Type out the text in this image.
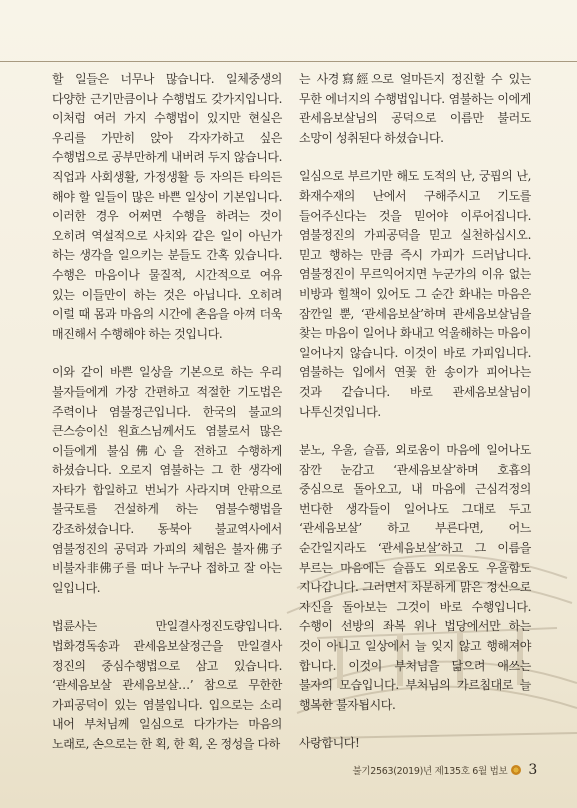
할 일들은 너무나 많습니다. 일체중생의 다양한 근기만큼이나 수행법도 갖가지입니다. 이처럼 여러 가지 수행법이 있지만 현실은 우리를 가만히 앉아 각자가하고 싶은 수행법으로 공부만하게 내버려 두지 않습니다. 직업과 사회생활, 가정생활 등 자의든 타의든 해야 할 일들이 많은 바쁜 일상이 기본입니다. 이러한 경우 어쩌면 수행을 하려는 것이 오히려 역설적으로 사치와 같은 일이 아닌가 하는 생각을 일으키는 분들도 간혹 있습니다. 수행은 마음이나 물질적, 시간적으로 여유 있는 이들만이 하는 것은 아닙니다. 오히려 이럴 때 몸과 마음의 시간에 촌음을 아껴 더욱 매진해서 수행해야 하는 것입니다.

이와 같이 바쁜 일상을 기본으로 하는 우리 불자들에게 가장 간편하고 적절한 기도법은 주력이나 염불정근입니다. 한국의 불교의 큰스승이신 원효스님께서도 염불로서 많은 이들에게 불심佛心을 전하고 수행하게 하셨습니다. 오로지 염불하는 그 한 생각에 자타가 합일하고 번뇌가 사라지며 안팎으로 불국토를 건설하게 하는 염불수행법을 강조하셨습니다. 동북아 불교역사에서 염불정진의 공덕과 가피의 체험은 불자佛子 비불자非佛子를 떠나 누구나 접하고 잘 아는 일입니다.

법륜사는 만일결사정진도량입니다. 법화경독송과 관세음보살정근을 만일결사 정진의 중심수행법으로 삼고 있습니다. ‘관세음보살 관세음보살…’ 참으로 무한한 가피공덕이 있는 염불입니다. 입으로는 소리 내어 부처님께 일심으로 다가가는 마음의 노래로, 손으로는 한 획, 한 획, 온 정성을 다하

는 사경寫經으로 얼마든지 정진할 수 있는 무한 에너지의 수행법입니다. 염불하는 이에게 관세음보살님의 공덕으로 이름만 불러도 소망이 성취된다 하셨습니다.

일심으로 부르기만 해도 도적의 난, 궁핍의 난, 화재수재의 난에서 구해주시고 기도를 들어주신다는 것을 믿어야 이루어집니다. 염불정진의 가피공덕을 믿고 실천하십시오. 믿고 행하는 만큼 즉시 가피가 드러납니다. 염불정진이 무르익어지면 누군가의 이유 없는 비방과 힐책이 있어도 그 순간 화내는 마음은 잠깐일 뿐, ‘관세음보살’하며 관세음보살님을 찾는 마음이 일어나 화내고 억울해하는 마음이 일어나지 않습니다. 이것이 바로 가피입니다. 염불하는 입에서 연꽃 한 송이가 피어나는 것과 같습니다. 바로 관세음보살님이 나투신것입니다.

분노, 우울, 슬픔, 외로움이 마음에 일어나도 잠깐 눈감고 ‘관세음보살’하며 호흡의 중심으로 돌아오고, 내 마음에 근심걱정의 번다한 생각들이 일어나도 그대로 두고 ‘관세음보살’ 하고 부른다면, 어느 순간일지라도 ‘관세음보살’하고 그 이름을 부르는 마음에는 슬픔도 외로움도 우울함도 지나갑니다. 그러면서 차분하게 맑은 정신으로 자신을 돌아보는 그것이 바로 수행입니다. 수행이 선방의 좌복 위나 법당에서만 하는 것이 아니고 일상에서 늘 잊지 않고 행해져야 합니다. 이것이 부처님을 닮으려 애쓰는 불자의 모습입니다. 부처님의 가르침대로 늘 행복한 불자됩시다.

사랑합니다!

불기2563(2019)년 제135호 6월 법보 3
